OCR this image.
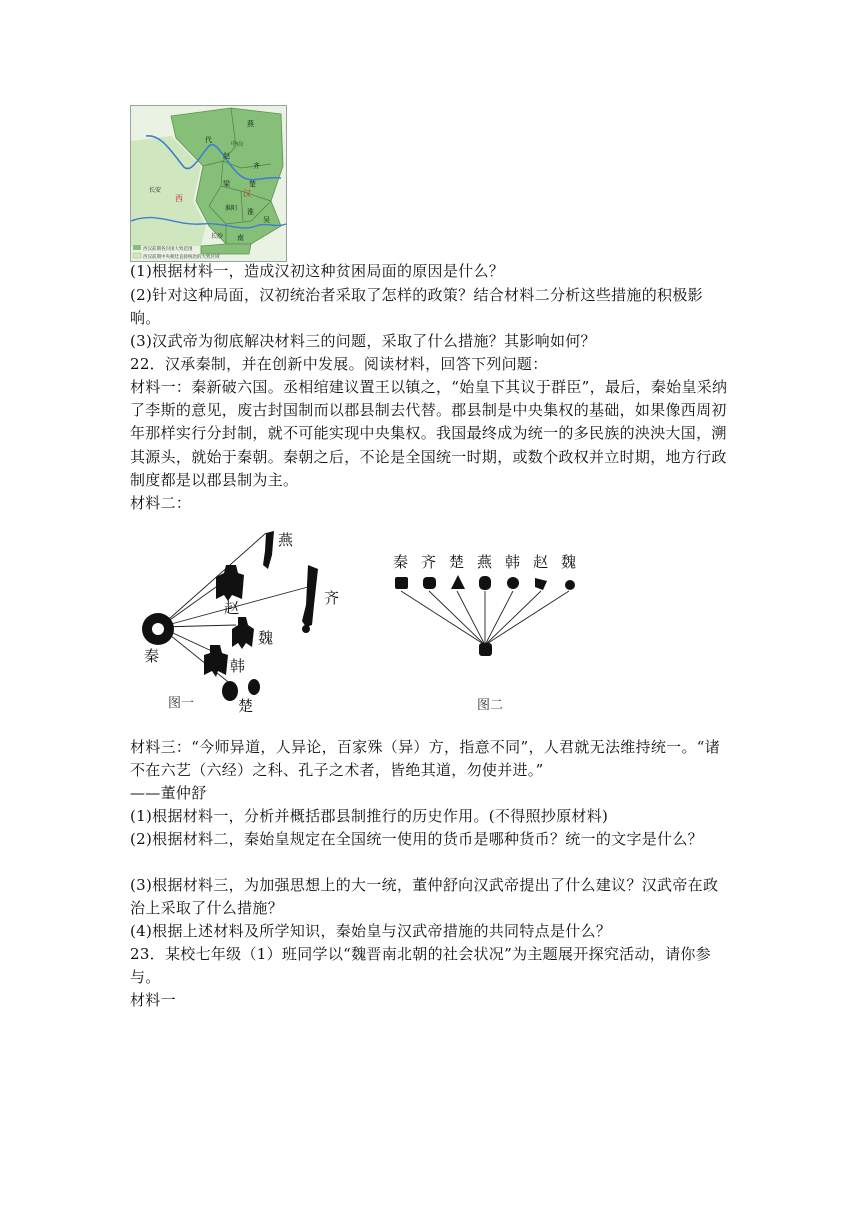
燕
代
中山
赵
齐
长安
西
梁	楚
汉
淮阳 淮
吴
长沙 南
西汉前期各封国大致范围
西汉前期中央朝廷直接统治的大致区域
(1)根据材料一，造成汉初这种贫困局面的原因是什么？
(2)针对这种局面，汉初统治者采取了怎样的政策？结合材料二分析这些措施的积极影响。
(3)汉武帝为彻底解决材料三的问题，采取了什么措施？其影响如何？
22．汉承秦制，并在创新中发展。阅读材料，回答下列问题：
材料一：秦新破六国。丞相绾建议置王以镇之，“始皇下其议于群臣”，最后，秦始皇采纳了李斯的意见，废古封国制而以郡县制去代替。郡县制是中央集权的基础，如果像西周初年那样实行分封制，就不可能实现中央集权。我国最终成为统一的多民族的泱泱大国，溯其源头，就始于秦朝。秦朝之后，不论是全国统一时期，或数个政权并立时期，地方行政制度都是以郡县制为主。
材料二：
燕
赵
齐
魏
韩
楚
秦
图一
秦 齐 楚 燕 韩 赵 魏
图二
材料三：“今师异道，人异论，百家殊（异）方，指意不同”，人君就无法维持统一。“诸不在六艺（六经）之科、孔子之术者，皆绝其道，勿使并进。”
——董仲舒
(1)根据材料一，分析并概括郡县制推行的历史作用。(不得照抄原材料)
(2)根据材料二，秦始皇规定在全国统一使用的货币是哪种货币？统一的文字是什么？
(3)根据材料三，为加强思想上的大一统，董仲舒向汉武帝提出了什么建议？汉武帝在政治上采取了什么措施？
(4)根据上述材料及所学知识，秦始皇与汉武帝措施的共同特点是什么？
23．某校七年级（1）班同学以“魏晋南北朝的社会状况”为主题展开探究活动，请你参与。
材料一
